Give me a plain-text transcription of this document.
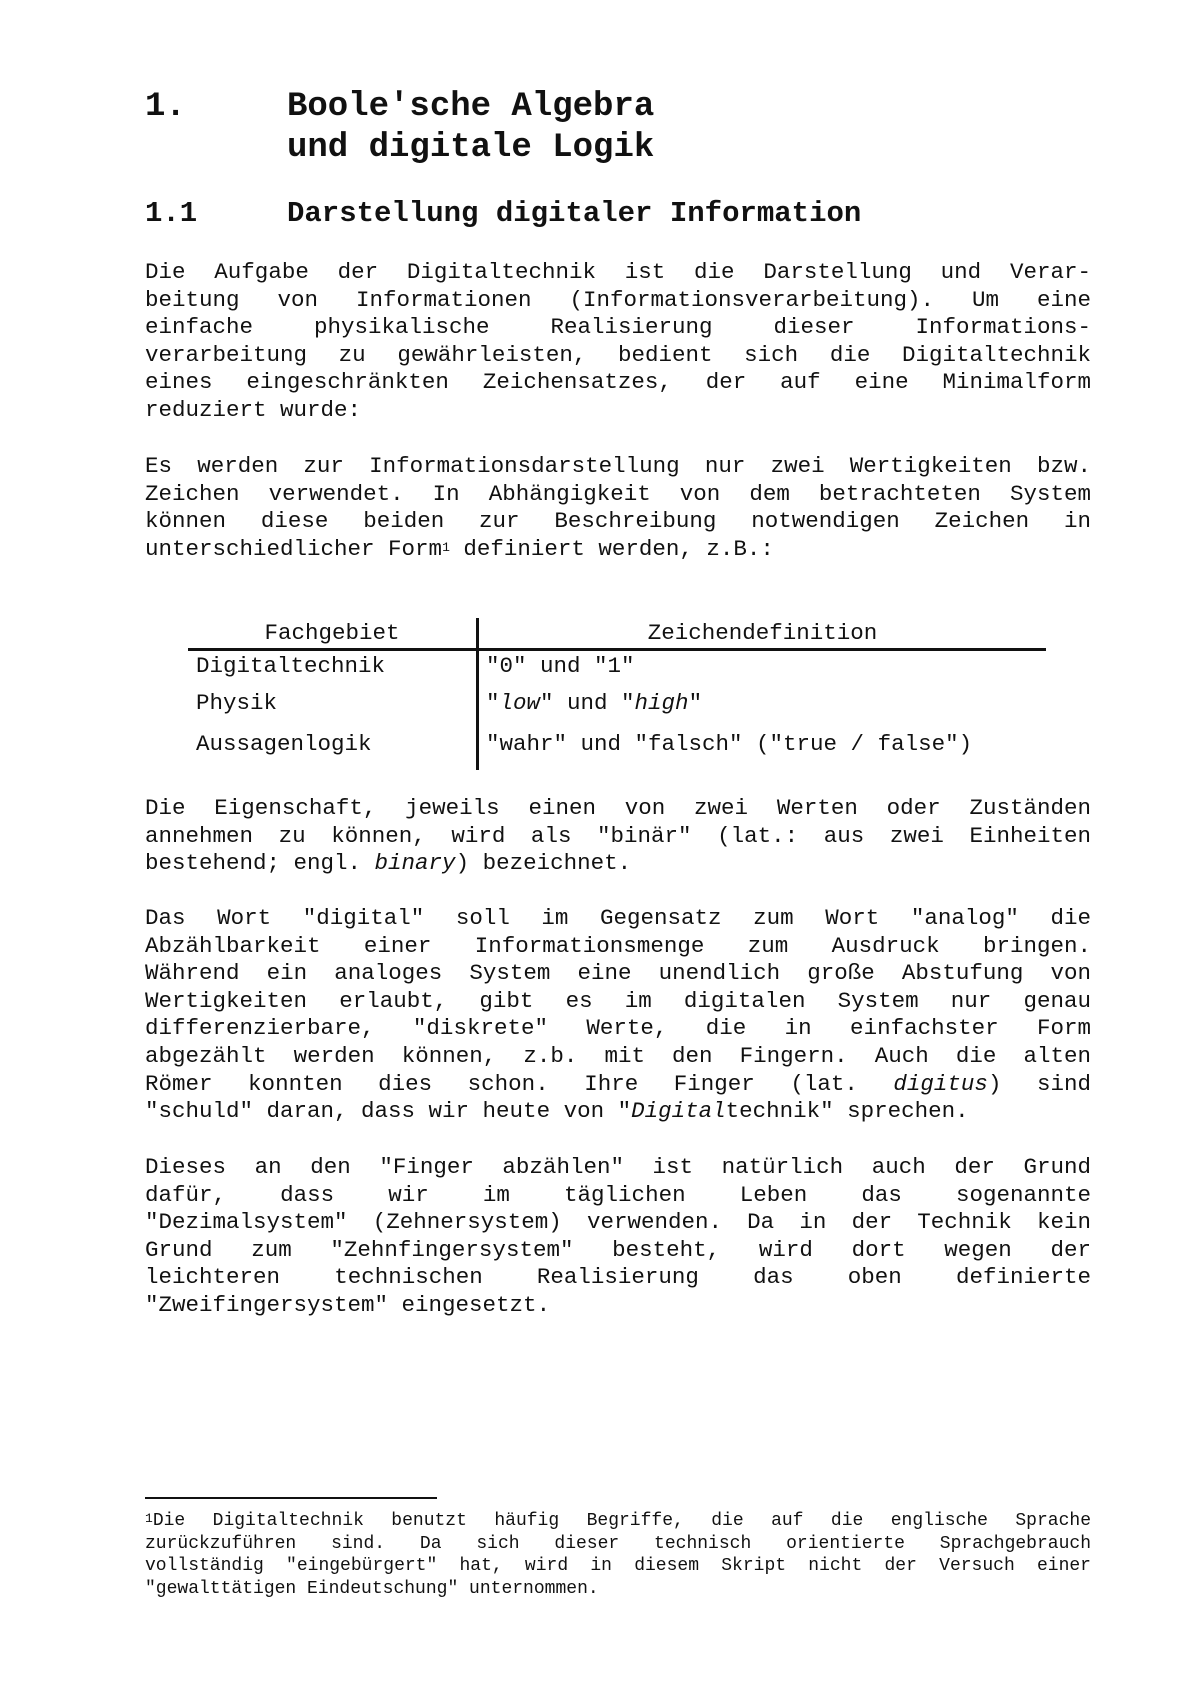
1.	Boole'sche Algebra
und digitale Logik
1.1	Darstellung digitaler Information
Die Aufgabe der Digitaltechnik ist die Darstellung und Verar-
beitung von Informationen (Informationsverarbeitung). Um eine
einfache physikalische Realisierung dieser Informations-
verarbeitung zu gewährleisten, bedient sich die Digitaltechnik
eines eingeschränkten Zeichensatzes, der auf eine Minimalform
reduziert wurde:
Es werden zur Informationsdarstellung nur zwei Wertigkeiten bzw.
Zeichen verwendet. In Abhängigkeit von dem betrachteten System
können diese beiden zur Beschreibung notwendigen Zeichen in
unterschiedlicher Form$^1$ definiert werden, z.B.:
Fachgebiet	Zeichendefinition
Digitaltechnik	"0" und "1"
Physik	"low" und "high"
Aussagenlogik	"wahr" und "falsch" ("true / false")
Die Eigenschaft, jeweils einen von zwei Werten oder Zuständen
annehmen zu können, wird als "binär" (lat.: aus zwei Einheiten
bestehend; engl. binary) bezeichnet.
Das Wort "digital" soll im Gegensatz zum Wort "analog" die
Abzählbarkeit einer Informationsmenge zum Ausdruck bringen.
Während ein analoges System eine unendlich große Abstufung von
Wertigkeiten erlaubt, gibt es im digitalen System nur genau
differenzierbare, "diskrete" Werte, die in einfachster Form
abgezählt werden können, z.b. mit den Fingern. Auch die alten
Römer konnten dies schon. Ihre Finger (lat. digitus) sind
"schuld" daran, dass wir heute von "Digitaltechnik" sprechen.
Dieses an den "Finger abzählen" ist natürlich auch der Grund
dafür, dass wir im täglichen Leben das sogenannte
"Dezimalsystem" (Zehnersystem) verwenden. Da in der Technik kein
Grund zum "Zehnfingersystem" besteht, wird dort wegen der
leichteren technischen Realisierung das oben definierte
"Zweifingersystem" eingesetzt.
$^1$Die Digitaltechnik benutzt häufig Begriffe, die auf die englische Sprache
zurückzuführen sind. Da sich dieser technisch orientierte Sprachgebrauch
vollständig "eingebürgert" hat, wird in diesem Skript nicht der Versuch einer
"gewalttätigen Eindeutschung" unternommen.
